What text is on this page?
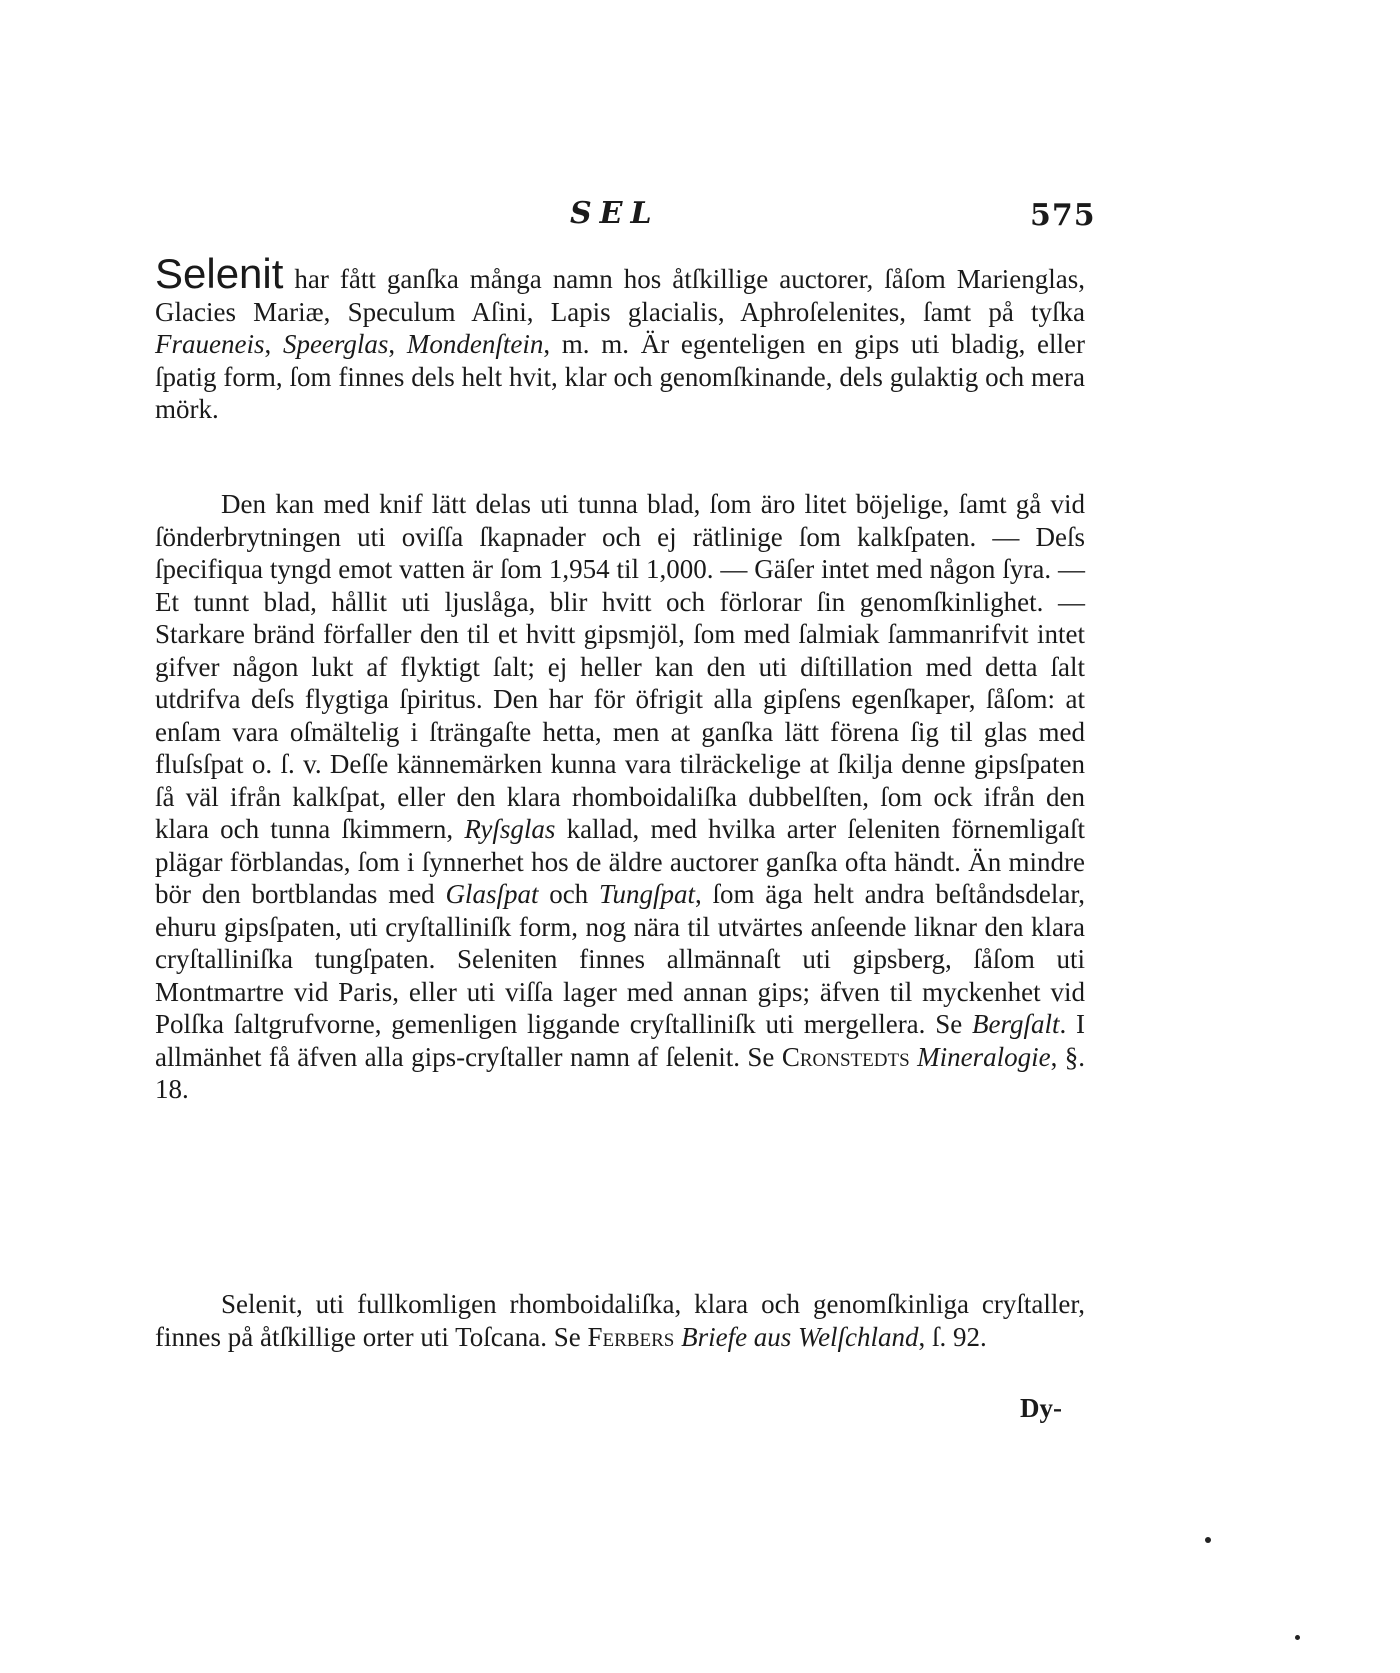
SEL	575

Selenit har fått ganſka många namn hos åtſkillige auctorer, ſåſom Marienglas, Glacies Mariæ, Speculum Aſini, Lapis glacialis, Aphroſelenites, ſamt på tyſka Fraueneis, Speerglas, Mondenſtein, m. m. Är egenteligen en gips uti bladig, eller ſpatig form, ſom finnes dels helt hvit, klar och genomſkinande, dels gulaktig och mera mörk.

Den kan med knif lätt delas uti tunna blad, ſom äro litet böjelige, ſamt gå vid ſönderbrytningen uti oviſſa ſkapnader och ej rätlinige ſom kalkſpaten. — Deſs ſpecifiqua tyngd emot vatten är ſom 1,954 til 1,000. — Gäſer intet med någon ſyra. — Et tunnt blad, hållit uti ljuslåga, blir hvitt och förlorar ſin genomſkinlighet. — Starkare bränd förfaller den til et hvitt gipsmjöl, ſom med ſalmiak ſammanrifvit intet gifver någon lukt af flyktigt ſalt; ej heller kan den uti diſtillation med detta ſalt utdrifva deſs flygtiga ſpiritus. Den har för öfrigit alla gipſens egenſkaper, ſåſom: at enſam vara oſmältelig i ſträngaſte hetta, men at ganſka lätt förena ſig til glas med fluſsſpat o. ſ. v. Deſſe kännemärken kunna vara tilräckelige at ſkilja denne gipsſpaten ſå väl ifrån kalkſpat, eller den klara rhomboidaliſka dubbelſten, ſom ock ifrån den klara och tunna ſkimmern, Ryſsglas kallad, med hvilka arter ſeleniten förnemligaſt plägar förblandas, ſom i ſynnerhet hos de äldre auctorer ganſka ofta händt. Än mindre bör den bortblandas med Glasſpat och Tungſpat, ſom äga helt andra beſtåndsdelar, ehuru gipsſpaten, uti cryſtalliniſk form, nog nära til utvärtes anſeende liknar den klara cryſtalliniſka tungſpaten. Seleniten finnes allmännaſt uti gipsberg, ſåſom uti Montmartre vid Paris, eller uti viſſa lager med annan gips; äfven til myckenhet vid Polſka ſaltgrufvorne, gemenligen liggande cryſtalliniſk uti mergellera. Se Bergſalt. I allmänhet få äfven alla gips-cryſtaller namn af ſelenit. Se Cronstedts Mineralogie, §. 18.

Selenit, uti fullkomligen rhomboidaliſka, klara och genomſkinliga cryſtaller, finnes på åtſkillige orter uti Toſcana. Se Ferbers Briefe aus Welſchland, ſ. 92.

Dy-
